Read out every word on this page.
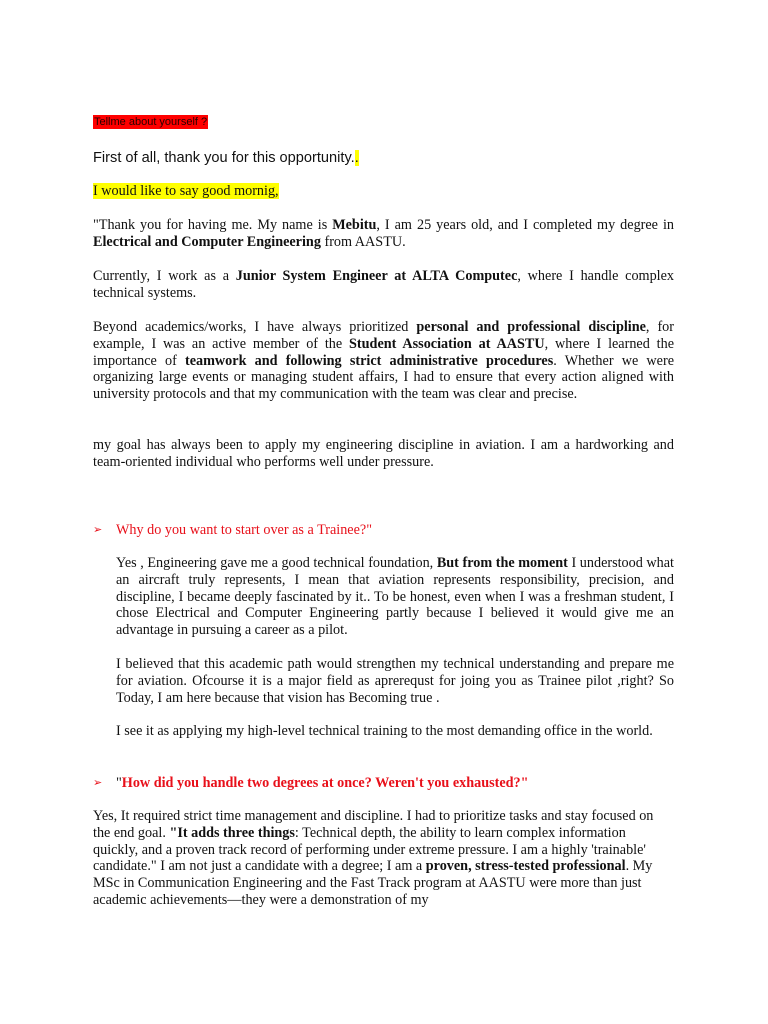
Tellme about yourself ?
First of all, thank you for this opportunity..

I would like to say good mornig,

"Thank you for having me. My name is Mebitu, I am 25 years old, and I completed my degree in Electrical and Computer Engineering from AASTU.

Currently, I work as a Junior System Engineer at ALTA Computec, where I handle complex technical systems.

Beyond academics/works, I have always prioritized personal and professional discipline, for example, I was an active member of the Student Association at AASTU, where I learned the importance of teamwork and following strict administrative procedures. Whether we were organizing large events or managing student affairs, I had to ensure that every action aligned with university protocols and that my communication with the team was clear and precise.

my goal has always been to apply my engineering discipline in aviation. I am a hardworking and team-oriented individual who performs well under pressure.

➢ Why do you want to start over as a Trainee?"

Yes , Engineering gave me a good technical foundation, But from the moment I understood what an aircraft truly represents, I mean that aviation represents responsibility, precision, and discipline, I became deeply fascinated by it.. To be honest, even when I was a freshman student, I chose Electrical and Computer Engineering partly because I believed it would give me an advantage in pursuing a career as a pilot.

I believed that this academic path would strengthen my technical understanding and prepare me for aviation. Ofcourse it is a major field as aprerequst for joing you as Trainee pilot ,right? So Today, I am here because that vision has Becoming true .

I see it as applying my high-level technical training to the most demanding office in the world.

➢ "How did you handle two degrees at once? Weren't you exhausted?"

Yes, It required strict time management and discipline. I had to prioritize tasks and stay focused on the end goal. "It adds three things: Technical depth, the ability to learn complex information quickly, and a proven track record of performing under extreme pressure. I am a highly 'trainable' candidate." I am not just a candidate with a degree; I am a proven, stress-tested professional. My MSc in Communication Engineering and the Fast Track program at AASTU were more than just academic achievements—they were a demonstration of my
